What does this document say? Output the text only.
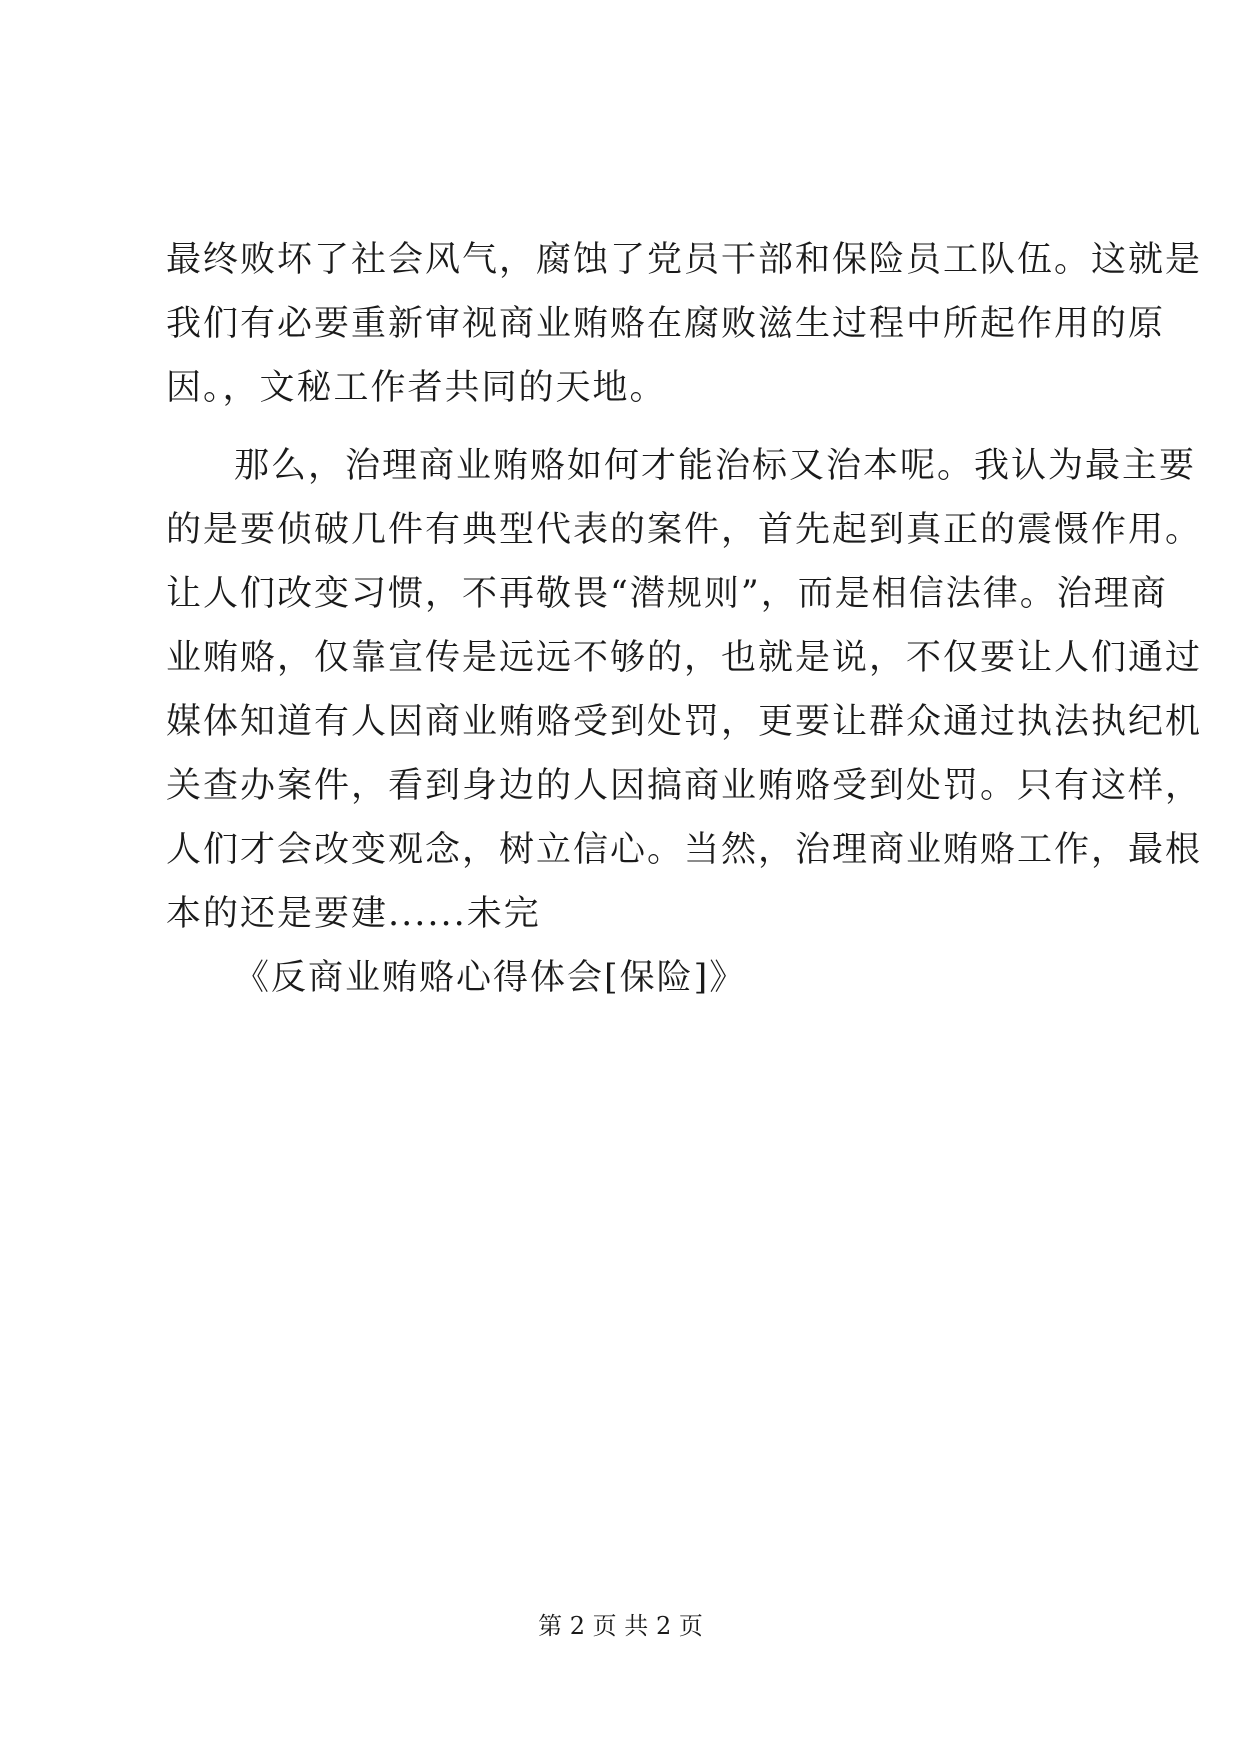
最终败坏了社会风气，腐蚀了党员干部和保险员工队伍。这就是
我们有必要重新审视商业贿赂在腐败滋生过程中所起作用的原
因。，文秘工作者共同的天地。
那么，治理商业贿赂如何才能治标又治本呢。我认为最主要
的是要侦破几件有典型代表的案件，首先起到真正的震慑作用。
让人们改变习惯，不再敬畏“潜规则”，而是相信法律。治理商
业贿赂，仅靠宣传是远远不够的，也就是说，不仅要让人们通过
媒体知道有人因商业贿赂受到处罚，更要让群众通过执法执纪机
关查办案件，看到身边的人因搞商业贿赂受到处罚。只有这样，
人们才会改变观念，树立信心。当然，治理商业贿赂工作，最根
本的还是要建......未完
《反商业贿赂心得体会[保险]》
第 2 页 共 2 页
